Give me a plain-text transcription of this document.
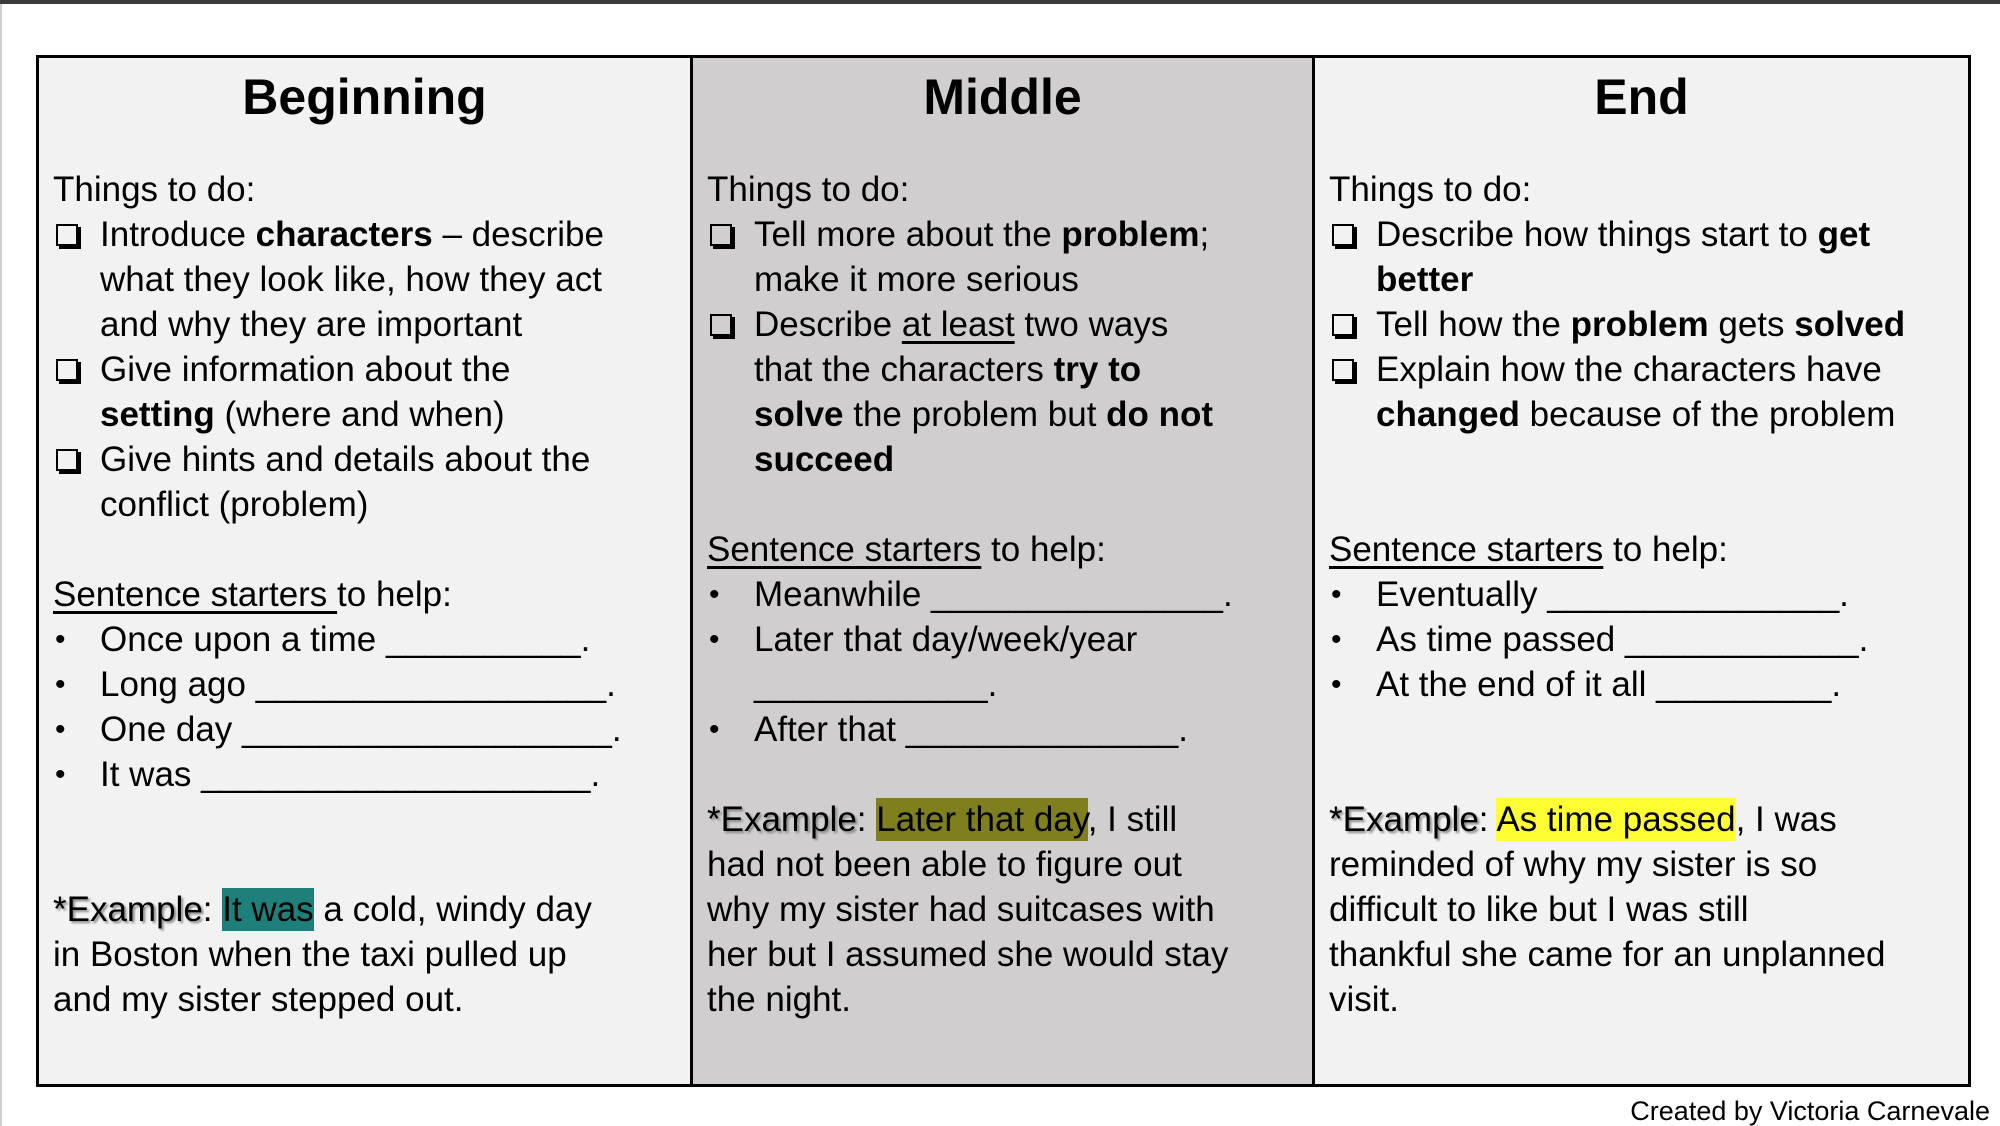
Beginning
Things to do:
Introduce characters – describe
what they look like, how they act
and why they are important
Give information about the
setting (where and when)
Give hints and details about the
conflict (problem)
Sentence starters to help:
• Once upon a time __________.
• Long ago __________________.
• One day ___________________.
• It was ____________________.
*Example: It was a cold, windy day
in Boston when the taxi pulled up
and my sister stepped out.
Middle
Things to do:
Tell more about the problem;
make it more serious
Describe at least two ways
that the characters try to
solve the problem but do not
succeed
Sentence starters to help:
• Meanwhile _______________.
• Later that day/week/year
____________.
• After that ______________.
*Example: Later that day, I still
had not been able to figure out
why my sister had suitcases with
her but I assumed she would stay
the night.
End
Things to do:
Describe how things start to get
better
Tell how the problem gets solved
Explain how the characters have
changed because of the problem
Sentence starters to help:
• Eventually _______________.
• As time passed ____________.
• At the end of it all _________.
*Example: As time passed, I was
reminded of why my sister is so
difficult to like but I was still
thankful she came for an unplanned
visit.
Created by Victoria Carnevale
